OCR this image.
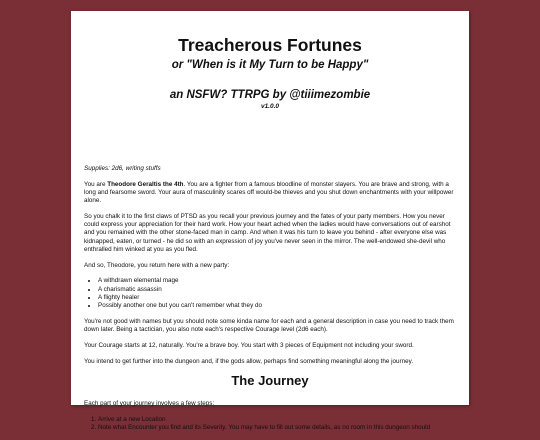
Treacherous Fortunes
or "When is it My Turn to be Happy"
an NSFW? TTRPG by @tiiimezombie
v1.0.0

Supplies: 2d6, writing stuffs

You are Theodore Geraltis the 4th. You are a fighter from a famous bloodline of monster slayers. You are brave and strong, with a long and fearsome sword. Your aura of masculinity scares off would-be thieves and you shut down enchantments with your willpower alone.

So you chalk it to the first claws of PTSD as you recall your previous journey and the fates of your party members. How you never could express your appreciation for their hard work. How your heart ached when the ladies would have conversations out of earshot and you remained with the other stone-faced man in camp. And when it was his turn to leave you behind - after everyone else was kidnapped, eaten, or turned - he did so with an expression of joy you've never seen in the mirror. The well-endowed she-devil who enthralled him winked at you as you fled.

And so, Theodore, you return here with a new party:

• A withdrawn elemental mage
• A charismatic assassin
• A flighty healer
• Possibly another one but you can't remember what they do

You're not good with names but you should note some kinda name for each and a general description in case you need to track them down later. Being a tactician, you also note each's respective Courage level (2d6 each).

Your Courage starts at 12, naturally. You're a brave boy. You start with 3 pieces of Equipment not including your sword.

You intend to get further into the dungeon and, if the gods allow, perhaps find something meaningful along the journey.

The Journey

Each part of your journey involves a few steps:

1. Arrive at a new Location
2. Note what Encounter you find and its Severity. You may have to fill out some details, as no room in this dungeon should
